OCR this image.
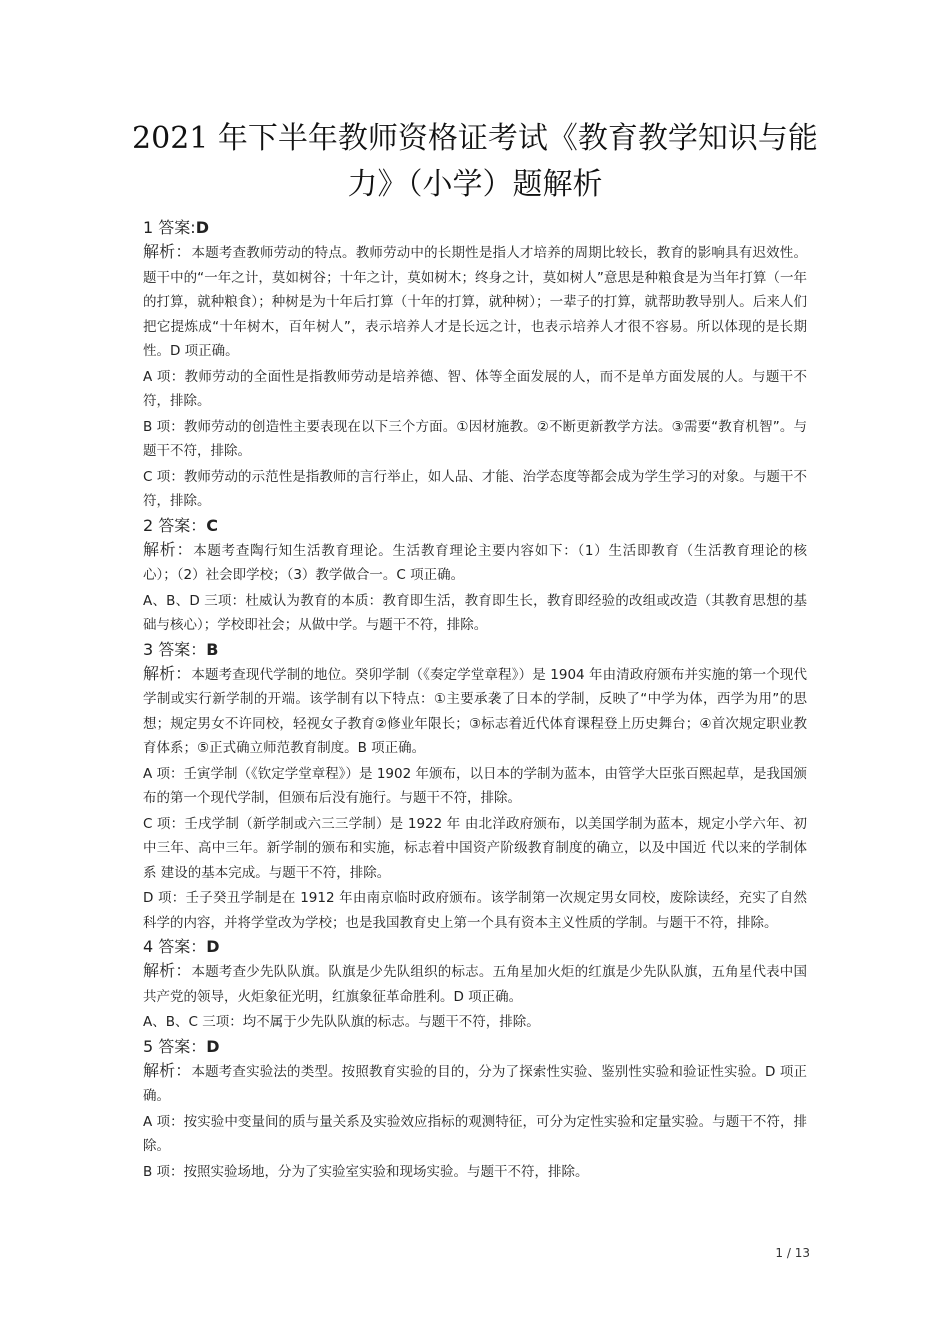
2021 年下半年教师资格证考试《教育教学知识与能
力》（小学）题解析

1 答案:D

解析：本题考查教师劳动的特点。教师劳动中的长期性是指人才培养的周期比较长，教育的影响具有迟效性。题干中的“一年之计，莫如树谷；十年之计，莫如树木；终身之计，莫如树人”意思是种粮食是为当年打算（一年的打算，就种粮食）；种树是为十年后打算（十年的打算，就种树）；一辈子的打算，就帮助教导别人。后来人们把它提炼成“十年树木，百年树人”，表示培养人才是长远之计，也表示培养人才很不容易。所以体现的是长期性。D 项正确。

A 项：教师劳动的全面性是指教师劳动是培养德、智、体等全面发展的人，而不是单方面发展的人。与题干不符，排除。

B 项：教师劳动的创造性主要表现在以下三个方面。①因材施教。②不断更新教学方法。③需要“教育机智”。与题干不符，排除。

C 项：教师劳动的示范性是指教师的言行举止，如人品、才能、治学态度等都会成为学生学习的对象。与题干不符，排除。

2 答案：C

解析：本题考查陶行知生活教育理论。生活教育理论主要内容如下：（1）生活即教育（生活教育理论的核心）；（2）社会即学校；（3）教学做合一。C 项正确。

A、B、D 三项：杜威认为教育的本质：教育即生活，教育即生长，教育即经验的改组或改造（其教育思想的基础与核心）；学校即社会；从做中学。与题干不符，排除。

3 答案：B

解析：本题考查现代学制的地位。癸卯学制（《奏定学堂章程》）是 1904 年由清政府颁布并实施的第一个现代学制或实行新学制的开端。该学制有以下特点：①主要承袭了日本的学制，反映了“中学为体，西学为用”的思想；规定男女不许同校，轻视女子教育②修业年限长；③标志着近代体育课程登上历史舞台；④首次规定职业教育体系；⑤正式确立师范教育制度。B 项正确。

A 项：壬寅学制（《钦定学堂章程》）是 1902 年颁布，以日本的学制为蓝本，由管学大臣张百熙起草，是我国颁布的第一个现代学制，但颁布后没有施行。与题干不符，排除。

C 项：壬戌学制（新学制或六三三学制）是 1922 年 由北洋政府颁布，以美国学制为蓝本，规定小学六年、初中三年、高中三年。新学制的颁布和实施，标志着中国资产阶级教育制度的确立，以及中国近 代以来的学制体系 建设的基本完成。与题干不符，排除。

D 项：壬子癸丑学制是在 1912 年由南京临时政府颁布。该学制第一次规定男女同校，废除读经，充实了自然科学的内容，并将学堂改为学校；也是我国教育史上第一个具有资本主义性质的学制。与题干不符，排除。

4 答案：D

解析：本题考查少先队队旗。队旗是少先队组织的标志。五角星加火炬的红旗是少先队队旗，五角星代表中国共产党的领导，火炬象征光明，红旗象征革命胜利。D 项正确。

A、B、C 三项：均不属于少先队队旗的标志。与题干不符，排除。

5 答案：D

解析：本题考查实验法的类型。按照教育实验的目的，分为了探索性实验、鉴别性实验和验证性实验。D 项正确。

A 项：按实验中变量间的质与量关系及实验效应指标的观测特征，可分为定性实验和定量实验。与题干不符，排除。

B 项：按照实验场地，分为了实验室实验和现场实验。与题干不符，排除。

1 / 13
